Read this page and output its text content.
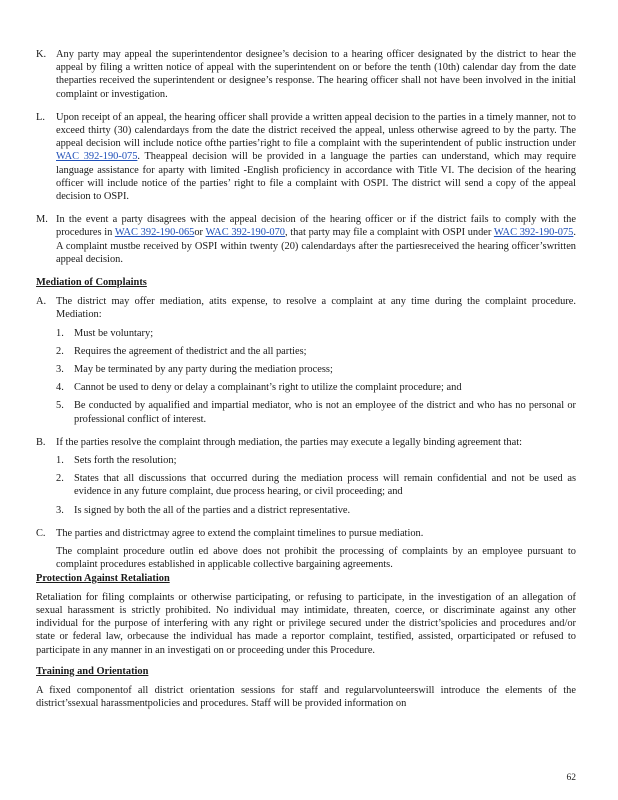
K. Any party may appeal the superintendentor designee’s decision to a hearing officer designated by the district to hear the appeal by filing a written notice of appeal with the superintendent on or before the tenth (10th) calendar day from the date theparties received the superintendent or designee’s response. The hearing officer shall not have been involved in the initial complaint or investigation.
L. Upon receipt of an appeal, the hearing officer shall provide a written appeal decision to the parties in a timely manner, not to exceed thirty (30) calendardays from the date the district received the appeal, unless otherwise agreed to by the party. The appeal decision will include notice ofthe parties’right to file a complaint with the superintendent of public instruction under WAC 392-190-075. Theappeal decision will be provided in a language the parties can understand, which may require language assistance for aparty with limited -English proficiency in accordance with Title VI. The decision of the hearing officer will include notice of the parties’ right to file a complaint with OSPI. The district will send a copy of the appeal decision to OSPI.
M. In the event a party disagrees with the appeal decision of the hearing officer or if the district fails to comply with the procedures in WAC 392-190-065or WAC 392-190-070, that party may file a complaint with OSPI under WAC 392-190-075. A complaint mustbe received by OSPI within twenty (20) calendardays after the partiesreceived the hearing officer’swritten appeal decision.
Mediation of Complaints
A. The district may offer mediation, atits expense, to resolve a complaint at any time during the complaint procedure. Mediation:
1. Must be voluntary;
2. Requires the agreement of thedistrict and the all parties;
3. May be terminated by any party during the mediation process;
4. Cannot be used to deny or delay a complainant’s right to utilize the complaint procedure; and
5. Be conducted by aqualified and impartial mediator, who is not an employee of the district and who has no personal or professional conflict of interest.
B. If the parties resolve the complaint through mediation, the parties may execute a legally binding agreement that:
1. Sets forth the resolution;
2. States that all discussions that occurred during the mediation process will remain confidential and not be used as evidence in any future complaint, due process hearing, or civil proceeding; and
3. Is signed by both the all of the parties and a district representative.
C. The parties and districtmay agree to extend the complaint timelines to pursue mediation.
The complaint procedure outlin ed above does not prohibit the processing of complaints by an employee pursuant to complaint procedures established in applicable collective bargaining agreements.
Protection Against Retaliation
Retaliation for filing complaints or otherwise participating, or refusing to participate, in the investigation of an allegation of sexual harassment is strictly prohibited. No individual may intimidate, threaten, coerce, or discriminate against any other individual for the purpose of interfering with any right or privilege secured under the district’spolicies and procedures and/or state or federal law, orbecause the individual has made a reportor complaint, testified, assisted, orparticipated or refused to participate in any manner in an investigati on or proceeding under this Procedure.
Training and Orientation
A fixed componentof all district orientation sessions for staff and regularvolunteerswill introduce the elements of the district’ssexual harassmentpolicies and procedures. Staff will be provided information on
62
